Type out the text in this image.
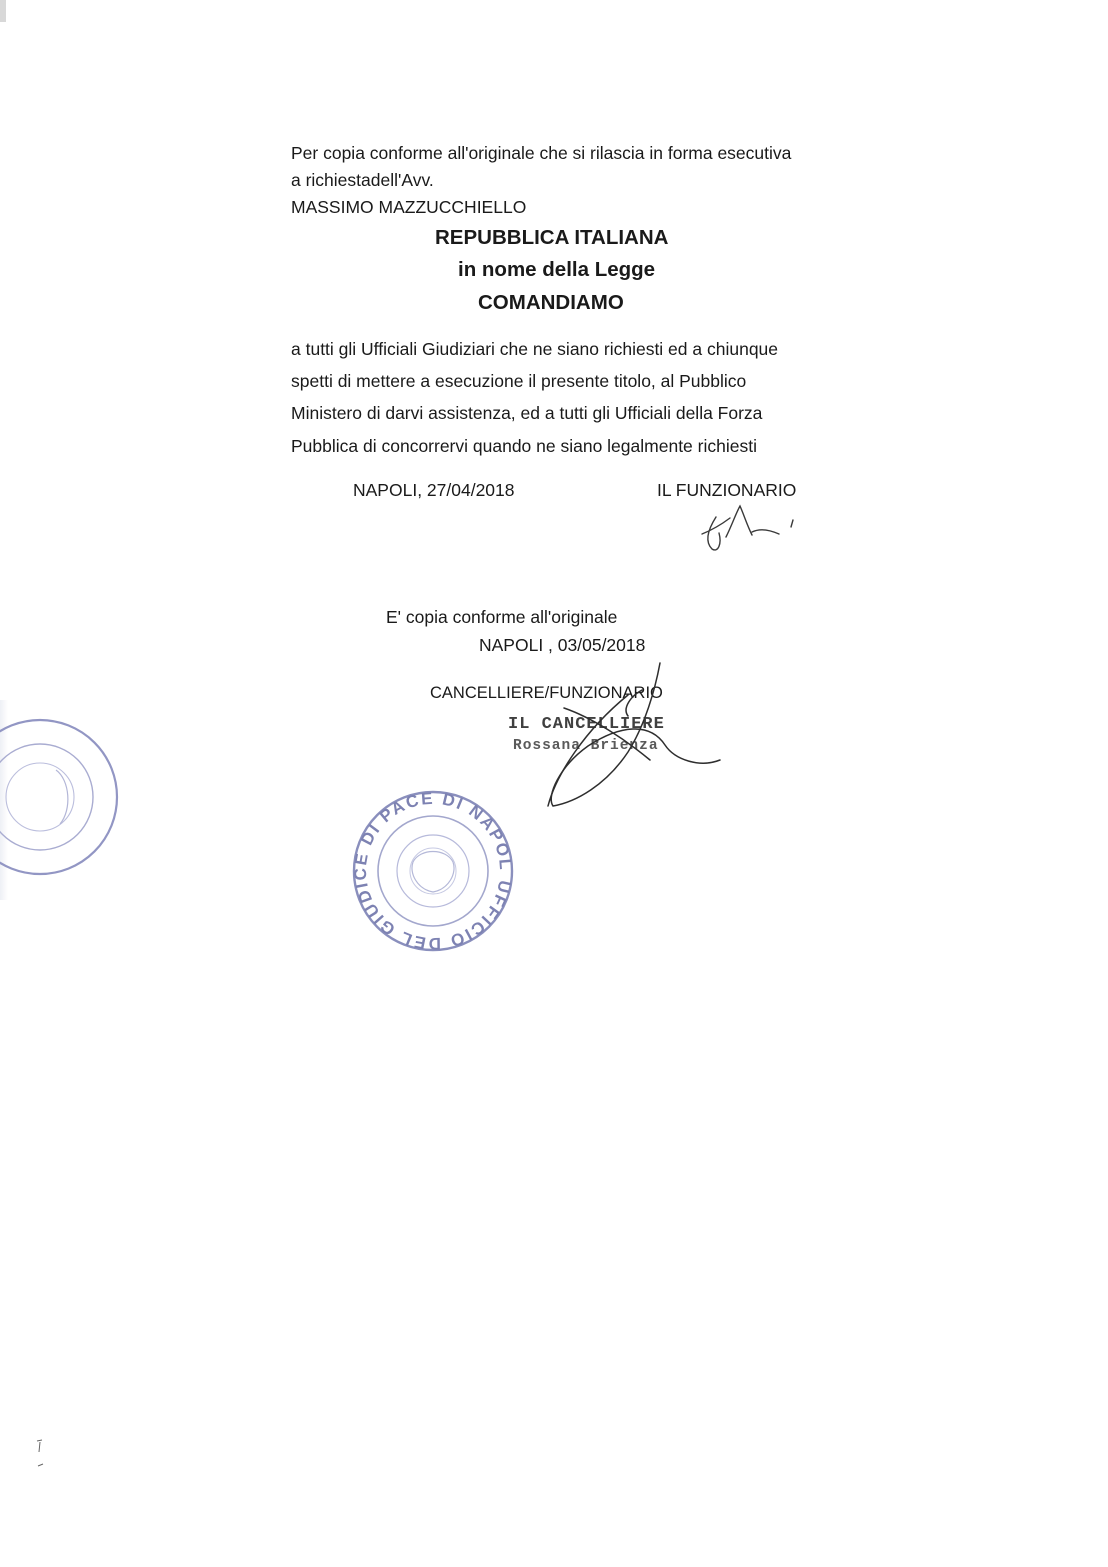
Per copia conforme all'originale che si rilascia in forma esecutiva
a richiestadell'Avv.
MASSIMO MAZZUCCHIELLO
REPUBBLICA ITALIANA
in nome della Legge
COMANDIAMO
a tutti gli Ufficiali Giudiziari che ne siano richiesti ed a chiunque
spetti di mettere a esecuzione il presente titolo, al Pubblico
Ministero di darvi assistenza, ed a tutti gli Ufficiali della Forza
Pubblica di concorrervi quando ne siano legalmente richiesti
NAPOLI, 27/04/2018	IL FUNZIONARIO
E' copia conforme all'originale
NAPOLI , 03/05/2018
CANCELLIERE/FUNZIONARIO
IL CANCELLIERE
Rossana Brienza
UFFICIO DEL GIUDICE DI PACE DI NAPOL
